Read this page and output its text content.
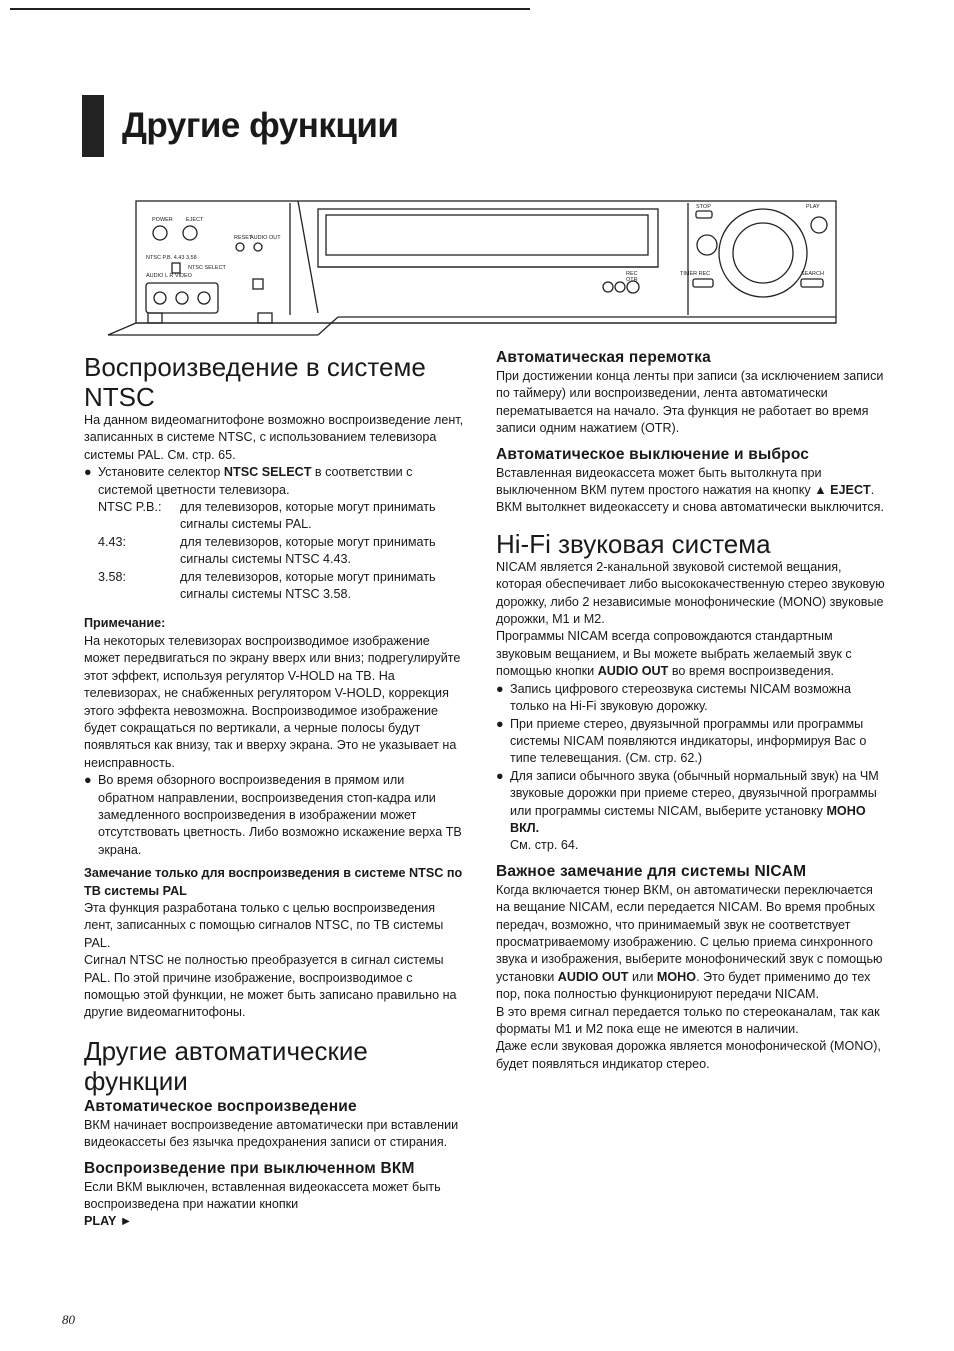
Другие функции
POWER EJECT
RESET
AUDIO OUT
NTSC P.B. 4.43 3.58
NTSC SELECT
AUDIO L R VIDEO
STOP	PLAY
REC
OTR
TIMER REC	SEARCH
Воспроизведение в системе NTSC

На данном видеомагнитофоне возможно воспроизведение лент, записанных в системе NTSC, с использованием телевизора системы PAL. См. стр. 65.

● Установите селектор NTSC SELECT в соответствии с системой цветности телевизора.
NTSC P.B.:	для телевизоров, которые могут принимать сигналы системы PAL.
4.43:	для телевизоров, которые могут принимать сигналы системы NTSC 4.43.
3.58:	для телевизоров, которые могут принимать сигналы системы NTSC 3.58.

Примечание:

На некоторых телевизорах воспроизводимое изображение может передвигаться по экрану вверх или вниз; подрегулируйте этот эффект, используя регулятор V-HOLD на ТВ. На телевизорах, не снабженных регулятором V-HOLD, коррекция этого эффекта невозможна. Воспроизводимое изображение будет сокращаться по вертикали, а черные полосы будут появляться как внизу, так и вверху экрана. Это не указывает на неисправность.

● Во время обзорного воспроизведения в прямом или обратном направлении, воспроизведения стоп-кадра или замедленного воспроизведения в изображении может отсутствовать цветность. Либо возможно искажение верха ТВ экрана.

Замечание только для воспроизведения в системе NTSC по ТВ системы PAL

Эта функция разработана только с целью воспроизведения лент, записанных с помощью сигналов NTSC, по ТВ системы PAL.

Сигнал NTSC не полностью преобразуется в сигнал системы PAL. По этой причине изображение, воспроизводимое с помощью этой функции, не может быть записано правильно на другие видеомагнитофоны.

Другие автоматические функции

Автоматическое воспроизведение

ВКМ начинает воспроизведение автоматически при вставлении видеокассеты без язычка предохранения записи от стирания.

Воспроизведение при выключенном ВКМ

Если ВКМ выключен, вставленная видеокассета может быть воспроизведена при нажатии кнопки

PLAY ►

Автоматическая перемотка

При достижении конца ленты при записи (за исключением записи по таймеру) или воспроизведении, лента автоматически перематывается на начало. Эта функция не работает во время записи одним нажатием (OTR).

Автоматическое выключение и выброс

Вставленная видеокассета может быть вытолкнута при выключенном ВКМ путем простого нажатия на кнопку ▲ EJECT. ВКМ вытолкнет видеокассету и снова автоматически выключится.

Hi-Fi звуковая система

NICAM является 2-канальной звуковой системой вещания, которая обеспечивает либо высококачественную стерео звуковую дорожку, либо 2 независимые монофонические (MONO) звуковые дорожки, M1 и M2.

Программы NICAM всегда сопровождаются стандартным звуковым вещанием, и Вы можете выбрать желаемый звук с помощью кнопки AUDIO OUT во время воспроизведения.

● Запись цифрового стереозвука системы NICAM возможна только на Hi-Fi звуковую дорожку.
● При приеме стерео, двуязычной программы или программы системы NICAM появляются индикаторы, информируя Вас о типе телевещания. (См. стр. 62.)
● Для записи обычного звука (обычный нормальный звук) на ЧМ звуковые дорожки при приеме стерео, двуязычной программы или программы системы NICAM, выберите установку МОНО ВКЛ.
См. стр. 64.

Важное замечание для системы NICAM

Когда включается тюнер ВКМ, он автоматически переключается на вещание NICAM, если передается NICAM. Во время пробных передач, возможно, что принимаемый звук не соответствует просматриваемому изображению. С целью приема синхронного звука и изображения, выберите монофонический звук с помощью установки AUDIO OUT или МОНО. Это будет применимо до тех пор, пока полностью функционируют передачи NICAM.

В это время сигнал передается только по стереоканалам, так как форматы M1 и M2 пока еще не имеются в наличии.

Даже если звуковая дорожка является монофонической (MONO), будет появляться индикатор стерео.

80
